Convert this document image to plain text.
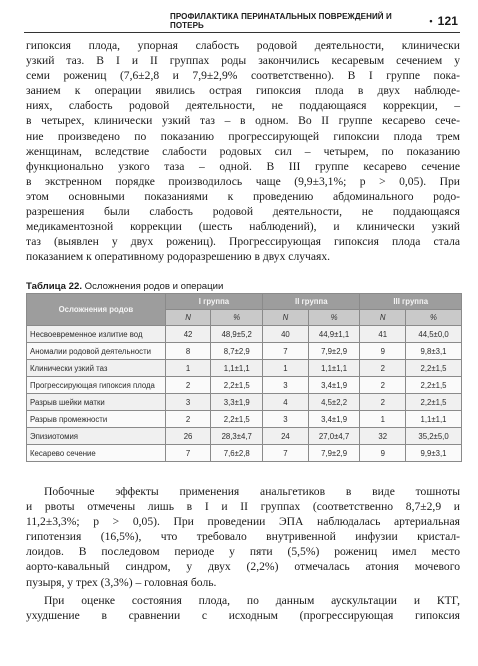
ПРОФИЛАКТИКА ПЕРИНАТАЛЬНЫХ ПОВРЕЖДЕНИЙ И ПОТЕРЬ	• 121
гипоксия плода, упорная слабость родовой деятельности, клинически
узкий таз. В I и II группах роды закончились кесаревым сечением у
семи рожениц (7,6±2,8 и 7,9±2,9% соответственно). В I группе пока-
занием к операции явились острая гипоксия плода в двух наблюде-
ниях, слабость родовой деятельности, не поддающаяся коррекции, –
в четырех, клинически узкий таз – в одном. Во II группе кесарево сече-
ние произведено по показанию прогрессирующей гипоксии плода трем
женщинам, вследствие слабости родовых сил – четырем, по показанию
функционально узкого таза – одной. В III группе кесарево сечение
в экстренном порядке производилось чаще (9,9±3,1%; p > 0,05). При
этом основными показаниями к проведению абдоминального родо-
разрешения были слабость родовой деятельности, не поддающаяся
медикаментозной коррекции (шесть наблюдений), и клинически узкий
таз (выявлен у двух рожениц). Прогрессирующая гипоксия плода стала
показанием к оперативному родоразрешению в двух случаях.
Таблица 22. Осложнения родов и операции
Осложнения родов	I группа		II группа		III группа	
	N	%	N	%	N	%
Несвоевременное излитие вод	42	48,9±5,2	40	44,9±1,1	41	44,5±0,0
Аномалии родовой деятельности	8	8,7±2,9	7	7,9±2,9	9	9,8±3,1
Клинически узкий таз	1	1,1±1,1	1	1,1±1,1	2	2,2±1,5
Прогрессирующая гипоксия плода	2	2,2±1,5	3	3,4±1,9	2	2,2±1,5
Разрыв шейки матки	3	3,3±1,9	4	4,5±2,2	2	2,2±1,5
Разрыв промежности	2	2,2±1,5	3	3,4±1,9	1	1,1±1,1
Эпизиотомия	26	28,3±4,7	24	27,0±4,7	32	35,2±5,0
Кесарево сечение	7	7,6±2,8	7	7,9±2,9	9	9,9±3,1
Побочные эффекты применения анальгетиков в виде тошноты
и рвоты отмечены лишь в I и II группах (соответственно 8,7±2,9 и
11,2±3,3%; p > 0,05). При проведении ЭПА наблюдалась артериальная
гипотензия (16,5%), что требовало внутривенной инфузии кристал-
лоидов. В последовом периоде у пяти (5,5%) рожениц имел место
аорто-кавальный синдром, у двух (2,2%) отмечалась атония мочевого
пузыря, у трех (3,3%) – головная боль.
При оценке состояния плода, по данным аускультации и КТГ,
ухудшение в сравнении с исходным (прогрессирующая гипоксия
